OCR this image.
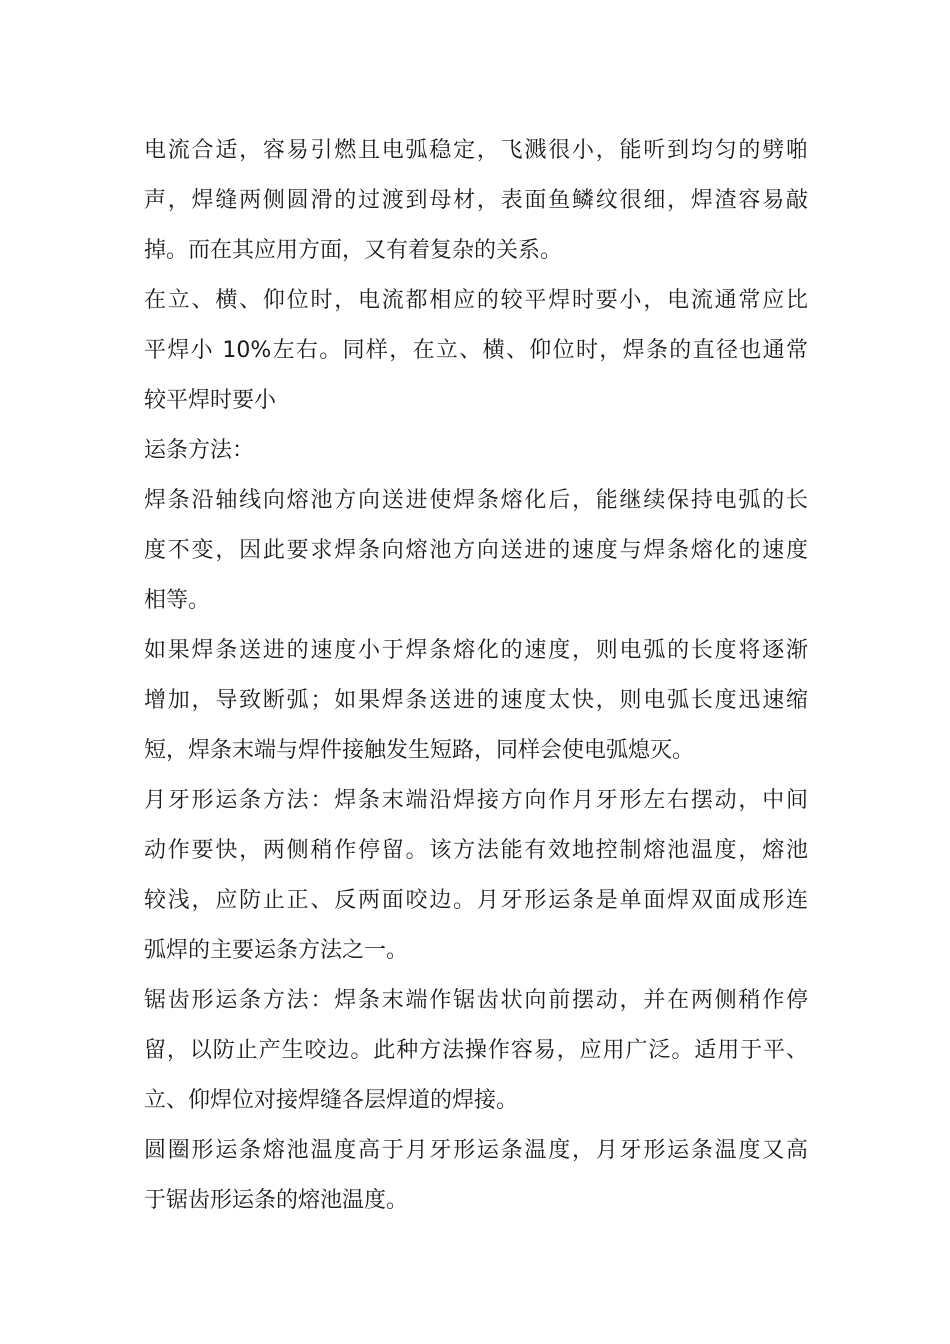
电流合适，容易引燃且电弧稳定，飞溅很小，能听到均匀的劈啪
声，焊缝两侧圆滑的过渡到母材，表面鱼鳞纹很细，焊渣容易敲
掉。而在其应用方面，又有着复杂的关系。

在立、横、仰位时，电流都相应的较平焊时要小，电流通常应比
平焊小 10%左右。同样，在立、横、仰位时，焊条的直径也通常
较平焊时要小

运条方法：

焊条沿轴线向熔池方向送进使焊条熔化后，能继续保持电弧的长
度不变，因此要求焊条向熔池方向送进的速度与焊条熔化的速度
相等。

如果焊条送进的速度小于焊条熔化的速度，则电弧的长度将逐渐
增加，导致断弧；如果焊条送进的速度太快，则电弧长度迅速缩
短，焊条末端与焊件接触发生短路，同样会使电弧熄灭。

月牙形运条方法：焊条末端沿焊接方向作月牙形左右摆动，中间
动作要快，两侧稍作停留。该方法能有效地控制熔池温度，熔池
较浅，应防止正、反两面咬边。月牙形运条是单面焊双面成形连
弧焊的主要运条方法之一。

锯齿形运条方法：焊条末端作锯齿状向前摆动，并在两侧稍作停
留，以防止产生咬边。此种方法操作容易，应用广泛。适用于平、
立、仰焊位对接焊缝各层焊道的焊接。

圆圈形运条熔池温度高于月牙形运条温度，月牙形运条温度又高
于锯齿形运条的熔池温度。
